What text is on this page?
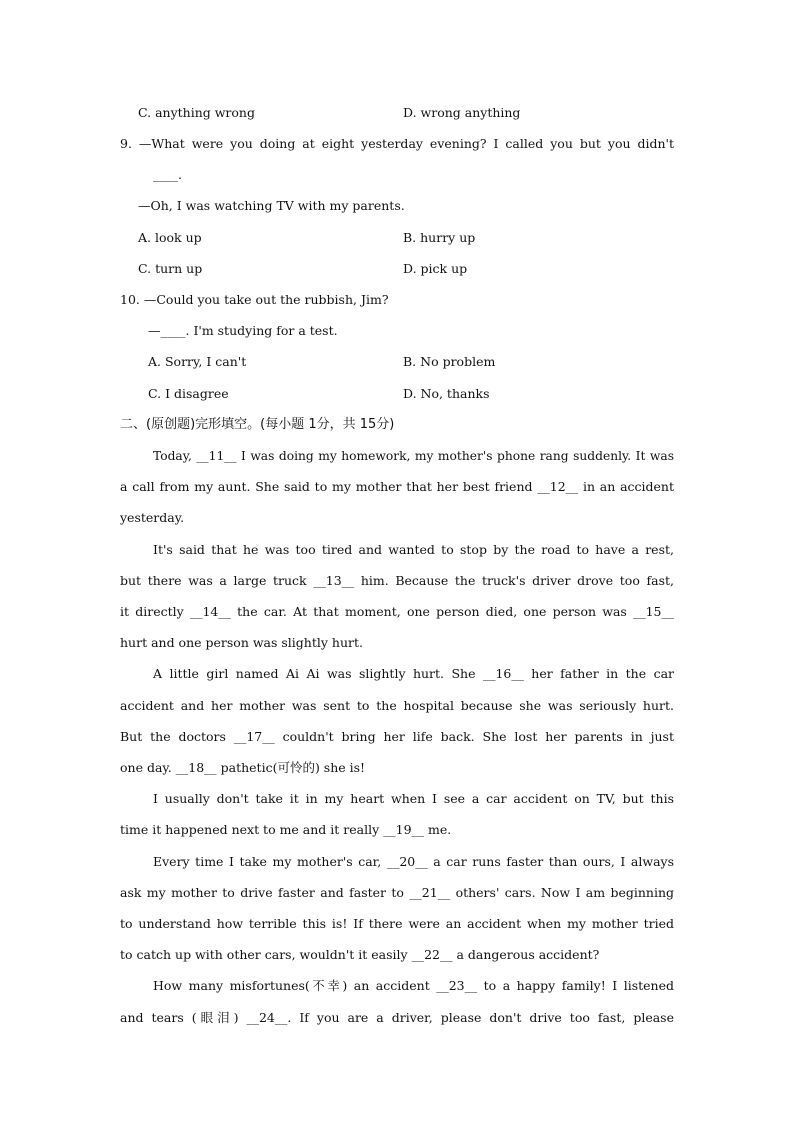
C. anything wrong	D. wrong anything
9. —What were you doing at eight yesterday evening? I called you but you didn't
____.
—Oh, I was watching TV with my parents.
A. look up	B. hurry up
C. turn up	D. pick up
10. —Could you take out the rubbish, Jim?
—____. I'm studying for a test.
A. Sorry, I can't	B. No problem
C. I disagree	D. No, thanks
二、(原创题)完形填空。(每小题 1分，共 15分)
Today, __11__ I was doing my homework, my mother's phone rang suddenly. It was
a call from my aunt. She said to my mother that her best friend __12__ in an accident
yesterday.
It's said that he was too tired and wanted to stop by the road to have a rest,
but there was a large truck __13__ him. Because the truck's driver drove too fast,
it directly __14__ the car. At that moment, one person died, one person was __15__
hurt and one person was slightly hurt.
A little girl named Ai Ai was slightly hurt. She __16__ her father in the car
accident and her mother was sent to the hospital because she was seriously hurt.
But the doctors __17__ couldn't bring her life back. She lost her parents in just
one day. __18__ pathetic(可怜的) she is!
I usually don't take it in my heart when I see a car accident on TV, but this
time it happened next to me and it really __19__ me.
Every time I take my mother's car, __20__ a car runs faster than ours, I always
ask my mother to drive faster and faster to __21__ others' cars. Now I am beginning
to understand how terrible this is! If there were an accident when my mother tried
to catch up with other cars, wouldn't it easily __22__ a dangerous accident?
How many misfortunes(不幸) an accident __23__ to a happy family! I listened
and tears (眼泪) __24__. If you are a driver, please don't drive too fast, please
